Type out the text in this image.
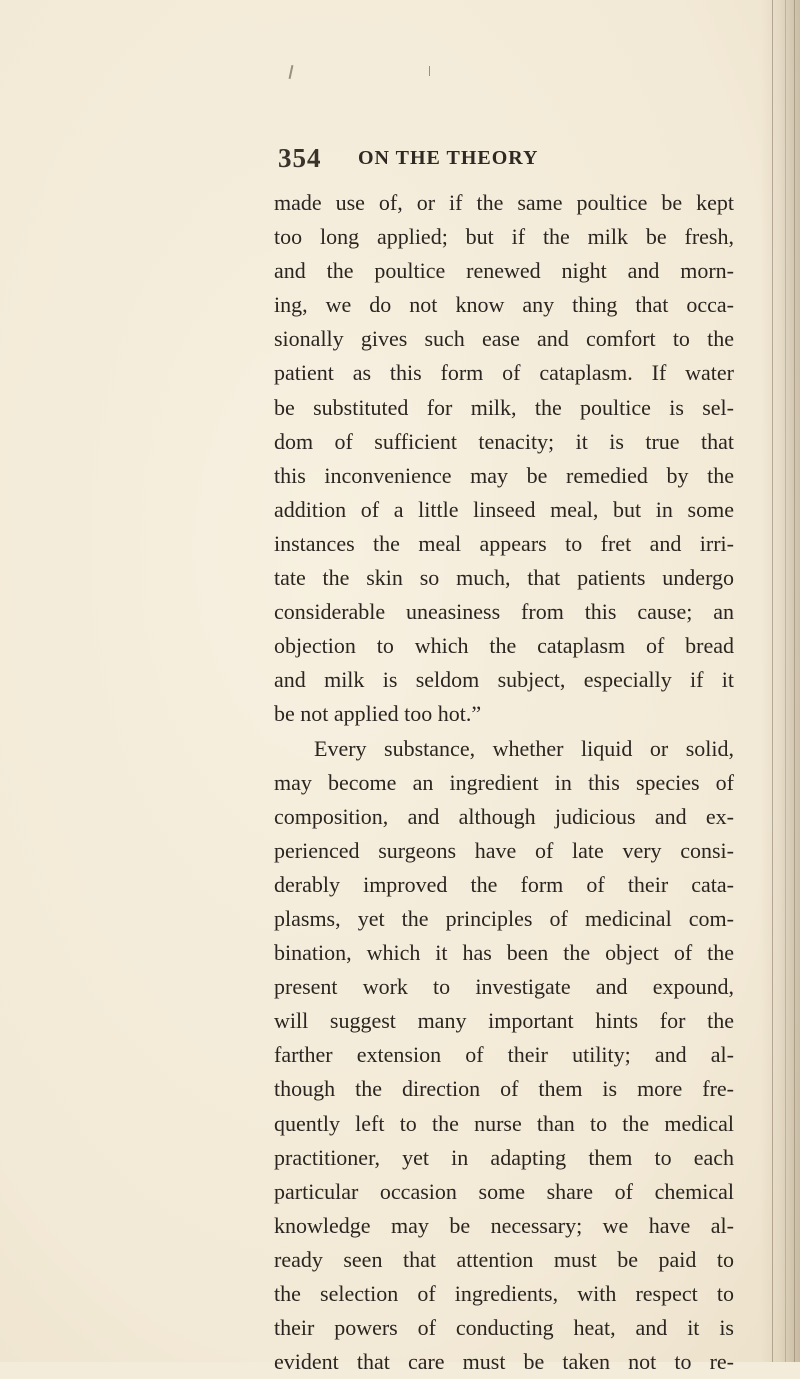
354 ON THE THEORY
made use of, or if the same poultice be kept
too long applied; but if the milk be fresh,
and the poultice renewed night and morn-
ing, we do not know any thing that occa-
sionally gives such ease and comfort to the
patient as this form of cataplasm. If water
be substituted for milk, the poultice is sel-
dom of sufficient tenacity; it is true that
this inconvenience may be remedied by the
addition of a little linseed meal, but in some
instances the meal appears to fret and irri-
tate the skin so much, that patients undergo
considerable uneasiness from this cause; an
objection to which the cataplasm of bread
and milk is seldom subject, especially if it
be not applied too hot.”
Every substance, whether liquid or solid,
may become an ingredient in this species of
composition, and although judicious and ex-
perienced surgeons have of late very consi-
derably improved the form of their cata-
plasms, yet the principles of medicinal com-
bination, which it has been the object of the
present work to investigate and expound,
will suggest many important hints for the
farther extension of their utility; and al-
though the direction of them is more fre-
quently left to the nurse than to the medical
practitioner, yet in adapting them to each
particular occasion some share of chemical
knowledge may be necessary; we have al-
ready seen that attention must be paid to
the selection of ingredients, with respect to
their powers of conducting heat, and it is
evident that care must be taken not to re-
